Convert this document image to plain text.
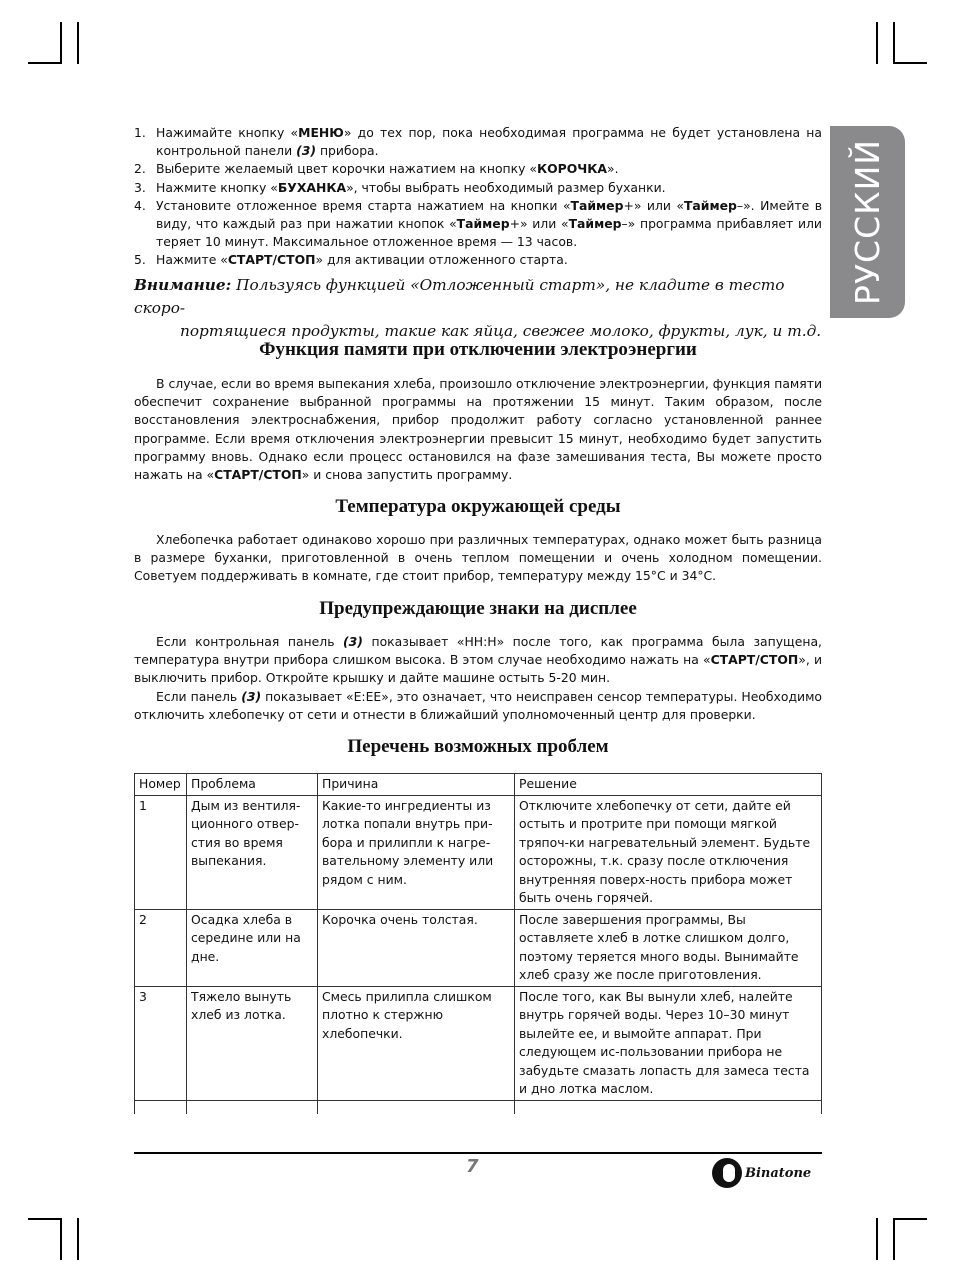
РУССКИЙ
1. Нажимайте кнопку «МЕНЮ» до тех пор, пока необходимая программа не будет установлена на контрольной панели (3) прибора.
2. Выберите желаемый цвет корочки нажатием на кнопку «КОРОЧКА».
3. Нажмите кнопку «БУХАНКА», чтобы выбрать необходимый размер буханки.
4. Установите отложенное время старта нажатием на кнопки «Таймер+» или «Таймер–». Имейте в виду, что каждый раз при нажатии кнопок «Таймер+» или «Таймер–» программа прибавляет или теряет 10 минут. Максимальное отложенное время — 13 часов.
5. Нажмите «СТАРТ/СТОП» для активации отложенного старта.
Внимание: Пользуясь функцией «Отложенный старт», не кладите в тесто скоро-
портящиеся продукты, такие как яйца, свежее молоко, фрукты, лук, и т.д.
Функция памяти при отключении электроэнергии

В случае, если во время выпекания хлеба, произошло отключение электроэнергии, функция памяти обеспечит сохранение выбранной программы на протяжении 15 минут. Таким образом, после восстановления электроснабжения, прибор продолжит работу согласно установленной раннее программе. Если время отключения электроэнергии превысит 15 минут, необходимо будет запустить программу вновь. Однако если процесс остановился на фазе замешивания теста, Вы можете просто нажать на «СТАРТ/СТОП» и снова запустить программу.

Температура окружающей среды

Хлебопечка работает одинаково хорошо при различных температурах, однако может быть разница в размере буханки, приготовленной в очень теплом помещении и очень холодном помещении. Советуем поддерживать в комнате, где стоит прибор, температуру между 15°C и 34°C.

Предупреждающие знаки на дисплее

Если контрольная панель (3) показывает «HH:H» после того, как программа была запущена, температура внутри прибора слишком высока. В этом случае необходимо нажать на «СТАРТ/СТОП», и выключить прибор. Откройте крышку и дайте машине остыть 5-20 мин.

Если панель (3) показывает «E:EE», это означает, что неисправен сенсор температуры. Необходимо отключить хлебопечку от сети и отнести в ближайший уполномоченный центр для проверки.

Перечень возможных проблем
Номер	Проблема	Причина	Решение
1	Дым из вентиля-ционного отвер-стия во время выпекания.	Какие-то ингредиенты из лотка попали внутрь при-бора и прилипли к нагре-вательному элементу или рядом с ним.	Отключите хлебопечку от сети, дайте ей остыть и протрите при помощи мягкой тряпоч-ки нагревательный элемент. Будьте осторожны, т.к. сразу после отключения внутренняя поверх-ность прибора может быть очень горячей.
2	Осадка хлеба в середине или на дне.	Корочка очень толстая.	После завершения программы, Вы оставляете хлеб в лотке слишком долго, поэтому теряется много воды. Вынимайте хлеб сразу же после приготовления.
3	Тяжело вынуть хлеб из лотка.	Смесь прилипла слишком плотно к стержню хлебопечки.	После того, как Вы вынули хлеб, налейте внутрь горячей воды. Через 10–30 минут вылейте ее, и вымойте аппарат. При следующем ис-пользовании прибора не забудьте смазать лопасть для замеса теста и дно лотка маслом.

7	Binatone
